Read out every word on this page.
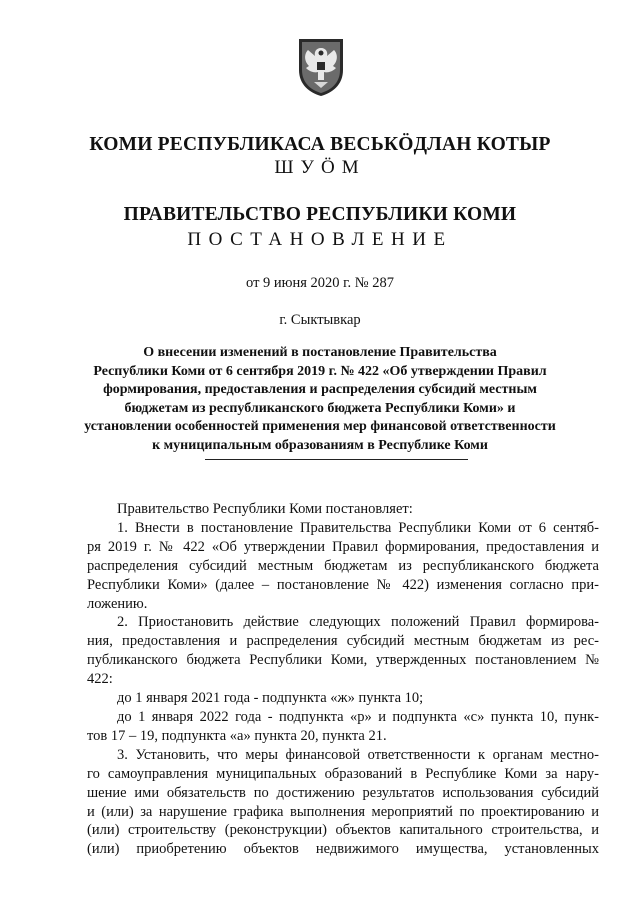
КОМИ РЕСПУБЛИКАСА ВЕСЬКӦДЛАН КОТЫР
ШУӦМ
ПРАВИТЕЛЬСТВО РЕСПУБЛИКИ КОМИ
ПОСТАНОВЛЕНИЕ
от 9 июня 2020 г. № 287
г. Сыктывкар
О внесении изменений в постановление Правительства
Республики Коми от 6 сентября 2019 г. № 422 «Об утверждении Правил
формирования, предоставления и распределения субсидий местным
бюджетам из республиканского бюджета Республики Коми» и
установлении особенностей применения мер финансовой ответственности
к муниципальным образованиям в Республике Коми
Правительство Республики Коми постановляет:
1. Внести в постановление Правительства Республики Коми от 6 сентяб-
ря 2019 г. № 422 «Об утверждении Правил формирования, предоставления и
распределения субсидий местным бюджетам из республиканского бюджета
Республики Коми» (далее – постановление № 422) изменения согласно при-
ложению.
2. Приостановить действие следующих положений Правил формирова-
ния, предоставления и распределения субсидий местным бюджетам из рес-
публиканского бюджета Республики Коми, утвержденных постановлением №
422:
до 1 января 2021 года - подпункта «ж» пункта 10;
до 1 января 2022 года - подпункта «р» и подпункта «с» пункта 10, пунк-
тов 17 – 19, подпункта «а» пункта 20, пункта 21.
3. Установить, что меры финансовой ответственности к органам местно-
го самоуправления муниципальных образований в Республике Коми за нару-
шение ими обязательств по достижению результатов использования субсидий
и (или) за нарушение графика выполнения мероприятий по проектированию и
(или) строительству (реконструкции) объектов капитального строительства, и
(или) приобретению объектов недвижимого имущества, установленных
